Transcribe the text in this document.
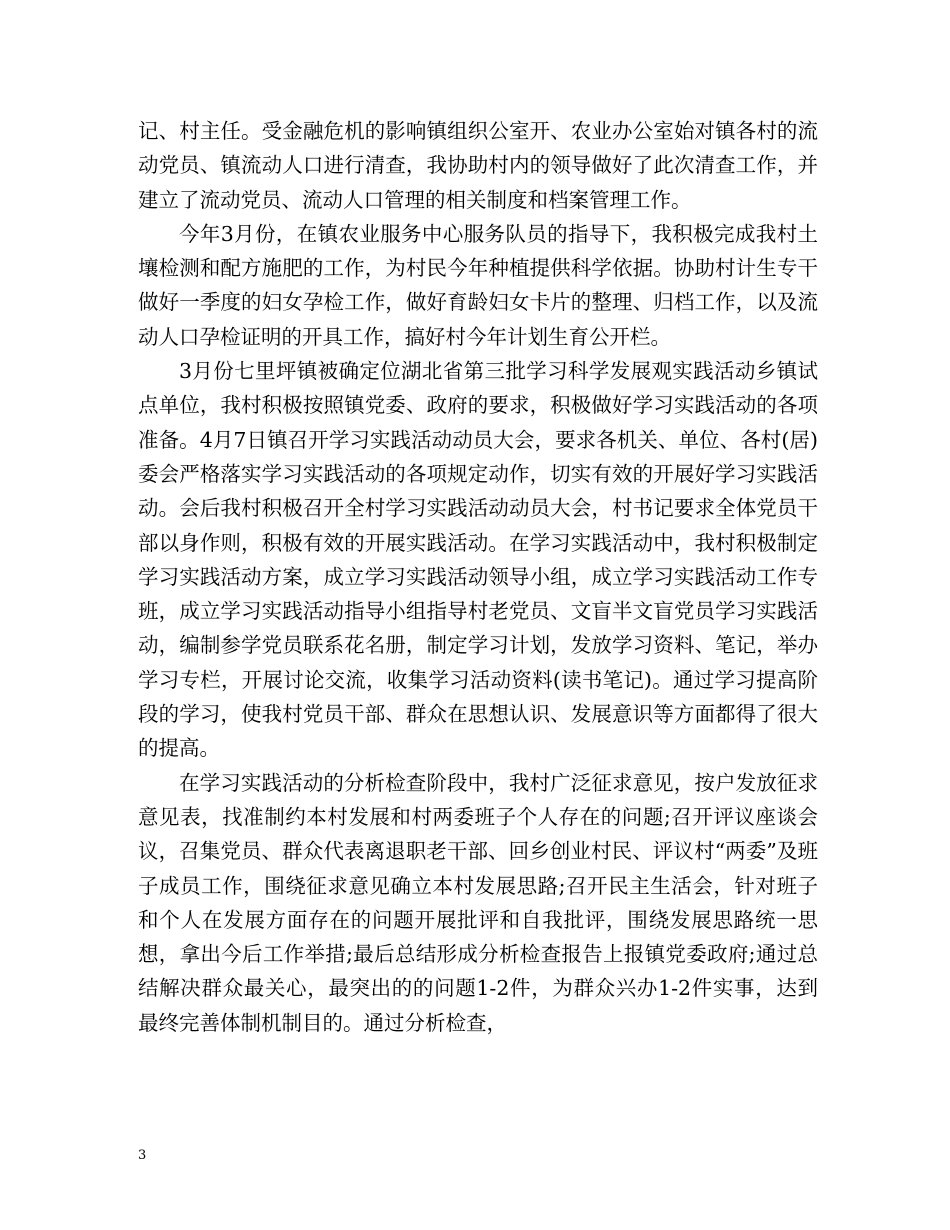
记、村主任。受金融危机的影响镇组织公室开、农业办公室始对镇各村的流动党员、镇流动人口进行清查，我协助村内的领导做好了此次清查工作，并建立了流动党员、流动人口管理的相关制度和档案管理工作。

今年3月份，在镇农业服务中心服务队员的指导下，我积极完成我村土壤检测和配方施肥的工作，为村民今年种植提供科学依据。协助村计生专干做好一季度的妇女孕检工作，做好育龄妇女卡片的整理、归档工作，以及流动人口孕检证明的开具工作，搞好村今年计划生育公开栏。

3月份七里坪镇被确定位湖北省第三批学习科学发展观实践活动乡镇试点单位，我村积极按照镇党委、政府的要求，积极做好学习实践活动的各项准备。4月7日镇召开学习实践活动动员大会，要求各机关、单位、各村(居)委会严格落实学习实践活动的各项规定动作，切实有效的开展好学习实践活动。会后我村积极召开全村学习实践活动动员大会，村书记要求全体党员干部以身作则，积极有效的开展实践活动。在学习实践活动中，我村积极制定学习实践活动方案，成立学习实践活动领导小组，成立学习实践活动工作专班，成立学习实践活动指导小组指导村老党员、文盲半文盲党员学习实践活动，编制参学党员联系花名册，制定学习计划，发放学习资料、笔记，举办学习专栏，开展讨论交流，收集学习活动资料(读书笔记)。通过学习提高阶段的学习，使我村党员干部、群众在思想认识、发展意识等方面都得了很大的提高。

在学习实践活动的分析检查阶段中，我村广泛征求意见，按户发放征求意见表，找准制约本村发展和村两委班子个人存在的问题;召开评议座谈会议，召集党员、群众代表离退职老干部、回乡创业村民、评议村“两委”及班子成员工作，围绕征求意见确立本村发展思路;召开民主生活会，针对班子和个人在发展方面存在的问题开展批评和自我批评，围绕发展思路统一思想，拿出今后工作举措;最后总结形成分析检查报告上报镇党委政府;通过总结解决群众最关心，最突出的的问题1-2件，为群众兴办1-2件实事，达到最终完善体制机制目的。通过分析检查，

3
